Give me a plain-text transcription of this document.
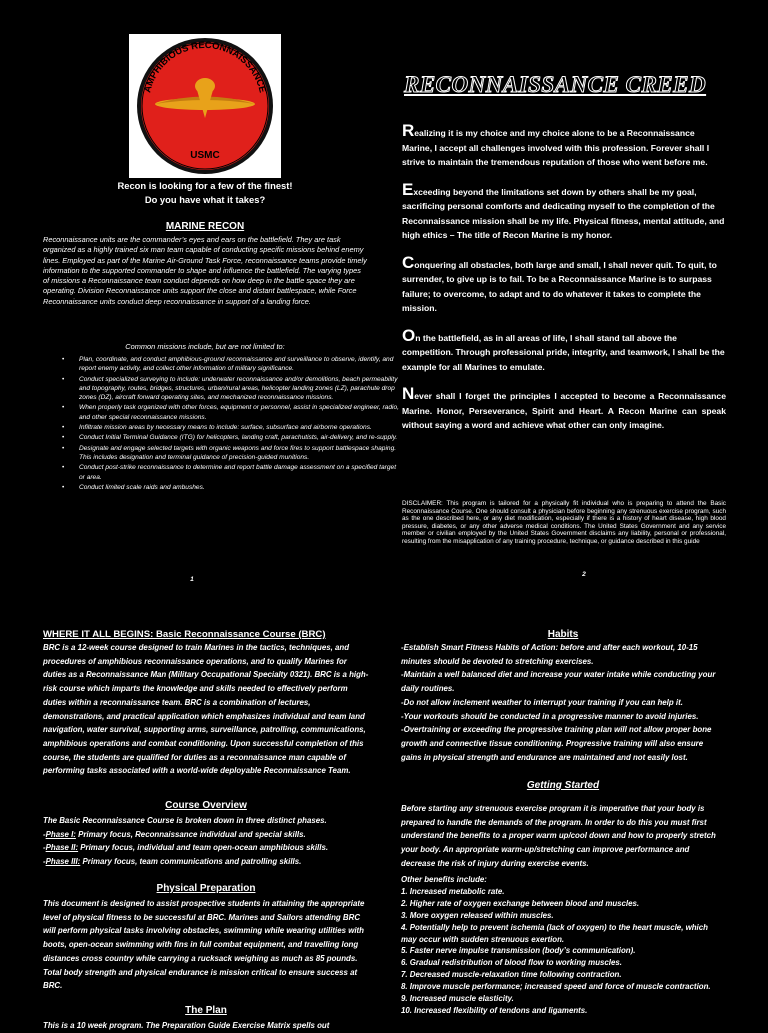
AMPHIBIOUS RECONNAISSANCE
USMC
Recon is looking for a few of the finest!
Do you have what it takes?
MARINE RECON
Reconnaissance units are the commander’s eyes and ears on the battlefield. They are task organized as a highly trained six man team capable of conducting specific missions behind enemy lines. Employed as part of the Marine Air-Ground Task Force, reconnaissance teams provide timely information to the supported commander to shape and influence the battlefield. The varying types of missions a Reconnaissance team conduct depends on how deep in the battle space they are operating. Division Reconnaissance units support the close and distant battlespace, while Force Reconnaissance units conduct deep reconnaissance in support of a landing force.
Common missions include, but are not limited to:
• Plan, coordinate, and conduct amphibious-ground reconnaissance and surveillance to observe, identify, and report enemy activity, and collect other information of military significance.
• Conduct specialized surveying to include: underwater reconnaissance and/or demolitions, beach permeability and topography, routes, bridges, structures, urban/rural areas, helicopter landing zones (LZ), parachute drop zones (DZ), aircraft forward operating sites, and mechanized reconnaissance missions.
• When properly task organized with other forces, equipment or personnel, assist in specialized engineer, radio, and other special reconnaissance missions.
• Infiltrate mission areas by necessary means to include: surface, subsurface and airborne operations.
• Conduct Initial Terminal Guidance (ITG) for helicopters, landing craft, parachutists, air-delivery, and re-supply.
• Designate and engage selected targets with organic weapons and force fires to support battlespace shaping. This includes designation and terminal guidance of precision-guided munitions.
• Conduct post-strike reconnaissance to determine and report battle damage assessment on a specified target or area.
• Conduct limited scale raids and ambushes.
1
RECONNAISSANCE CREED

Realizing it is my choice and my choice alone to be a Reconnaissance Marine, I accept all challenges involved with this profession. Forever shall I strive to maintain the tremendous reputation of those who went before me.

Exceeding beyond the limitations set down by others shall be my goal, sacrificing personal comforts and dedicating myself to the completion of the Reconnaissance mission shall be my life. Physical fitness, mental attitude, and high ethics – The title of Recon Marine is my honor.

Conquering all obstacles, both large and small, I shall never quit. To quit, to surrender, to give up is to fail. To be a Reconnaissance Marine is to surpass failure; to overcome, to adapt and to do whatever it takes to complete the mission.

On the battlefield, as in all areas of life, I shall stand tall above the competition. Through professional pride, integrity, and teamwork, I shall be the example for all Marines to emulate.

Never shall I forget the principles I accepted to become a Reconnaissance Marine. Honor, Perseverance, Spirit and Heart. A Recon Marine can speak without saying a word and achieve what other can only imagine.

DISCLAIMER: This program is tailored for a physically fit individual who is preparing to attend the Basic Reconnaissance Course. One should consult a physician before beginning any strenuous exercise program, such as the one described here, or any diet modification, especially if there is a history of heart disease, high blood pressure, diabetes, or any other adverse medical conditions. The United States Government and any service member or civilian employed by the United States Government disclaims any liability, personal or professional, resulting from the misapplication of any training procedure, technique, or guidance described in this guide
2
WHERE IT ALL BEGINS: Basic Reconnaissance Course (BRC)
BRC is a 12-week course designed to train Marines in the tactics, techniques, and procedures of amphibious reconnaissance operations, and to qualify Marines for duties as a Reconnaissance Man (Military Occupational Specialty 0321). BRC is a high-risk course which imparts the knowledge and skills needed to effectively perform duties within a reconnaissance team. BRC is a combination of lectures, demonstrations, and practical application which emphasizes individual and team land navigation, water survival, supporting arms, surveillance, patrolling, communications, amphibious operations and combat conditioning. Upon successful completion of this course, the students are qualified for duties as a reconnaissance man capable of performing tasks associated with a world-wide deployable Reconnaissance Team.
Course Overview

The Basic Reconnaissance Course is broken down in three distinct phases.

-Phase I: Primary focus, Reconnaissance individual and special skills.

-Phase II: Primary focus, individual and team open-ocean amphibious skills.

-Phase III: Primary focus, team communications and patrolling skills.

Physical Preparation
This document is designed to assist prospective students in attaining the appropriate level of physical fitness to be successful at BRC. Marines and Sailors attending BRC will perform physical tasks involving obstacles, swimming while wearing utilities with boots, open-ocean swimming with fins in full combat equipment, and travelling long distances cross country while carrying a rucksack weighing as much as 85 pounds. Total body strength and physical endurance is mission critical to ensure success at BRC.
The Plan
This is a 10 week program. The Preparation Guide Exercise Matrix spells out
Habits

-Establish Smart Fitness Habits of Action: before and after each workout, 10-15 minutes should be devoted to stretching exercises.

-Maintain a well balanced diet and increase your water intake while conducting your daily routines.

-Do not allow inclement weather to interrupt your training if you can help it.

-Your workouts should be conducted in a progressive manner to avoid injuries.

-Overtraining or exceeding the progressive training plan will not allow proper bone growth and connective tissue conditioning. Progressive training will also ensure gains in physical strength and endurance are maintained and not easily lost.

Getting Started
Before starting any strenuous exercise program it is imperative that your body is prepared to handle the demands of the program. In order to do this you must first understand the benefits to a proper warm up/cool down and how to properly stretch your body. An appropriate warm-up/stretching can improve performance and decrease the risk of injury during exercise events.

Other benefits include:

1. Increased metabolic rate.

2. Higher rate of oxygen exchange between blood and muscles.

3. More oxygen released within muscles.

4. Potentially help to prevent ischemia (lack of oxygen) to the heart muscle, which may occur with sudden strenuous exertion.

5. Faster nerve impulse transmission (body’s communication).

6. Gradual redistribution of blood flow to working muscles.

7. Decreased muscle-relaxation time following contraction.

8. Improve muscle performance; increased speed and force of muscle contraction.

9. Increased muscle elasticity.

10. Increased flexibility of tendons and ligaments.
